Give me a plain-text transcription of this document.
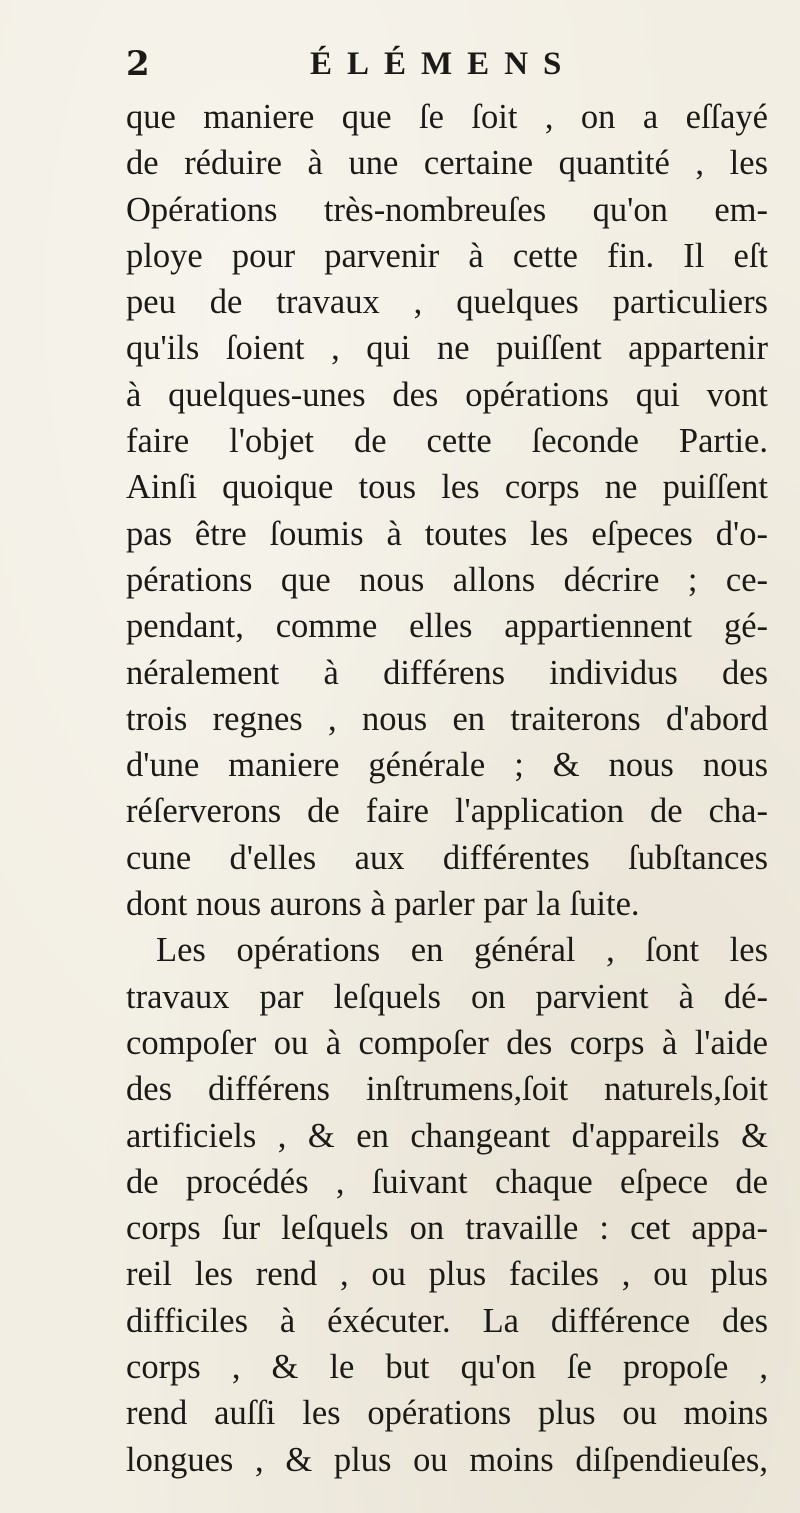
2	ÉLÉMENS
que maniere que ſe ſoit , on a eſſayé
de réduire à une certaine quantité , les
Opérations très-nombreuſes qu'on em-
ploye pour parvenir à cette fin. Il eſt
peu de travaux , quelques particuliers
qu'ils ſoient , qui ne puiſſent appartenir
à quelques-unes des opérations qui vont
faire l'objet de cette ſeconde Partie.
Ainſi quoique tous les corps ne puiſſent
pas être ſoumis à toutes les eſpeces d'o-
pérations que nous allons décrire ; ce-
pendant, comme elles appartiennent gé-
néralement à différens individus des
trois regnes , nous en traiterons d'abord
d'une maniere générale ; & nous nous
réſerverons de faire l'application de cha-
cune d'elles aux différentes ſubſtances
dont nous aurons à parler par la ſuite.
Les opérations en général , ſont les
travaux par leſquels on parvient à dé-
compoſer ou à compoſer des corps à l'aide
des différens inſtrumens,ſoit naturels,ſoit
artificiels , & en changeant d'appareils &
de procédés , ſuivant chaque eſpece de
corps ſur leſquels on travaille : cet appa-
reil les rend , ou plus faciles , ou plus
difficiles à éxécuter. La différence des
corps , & le but qu'on ſe propoſe ,
rend auſſi les opérations plus ou moins
longues , & plus ou moins diſpendieuſes,
